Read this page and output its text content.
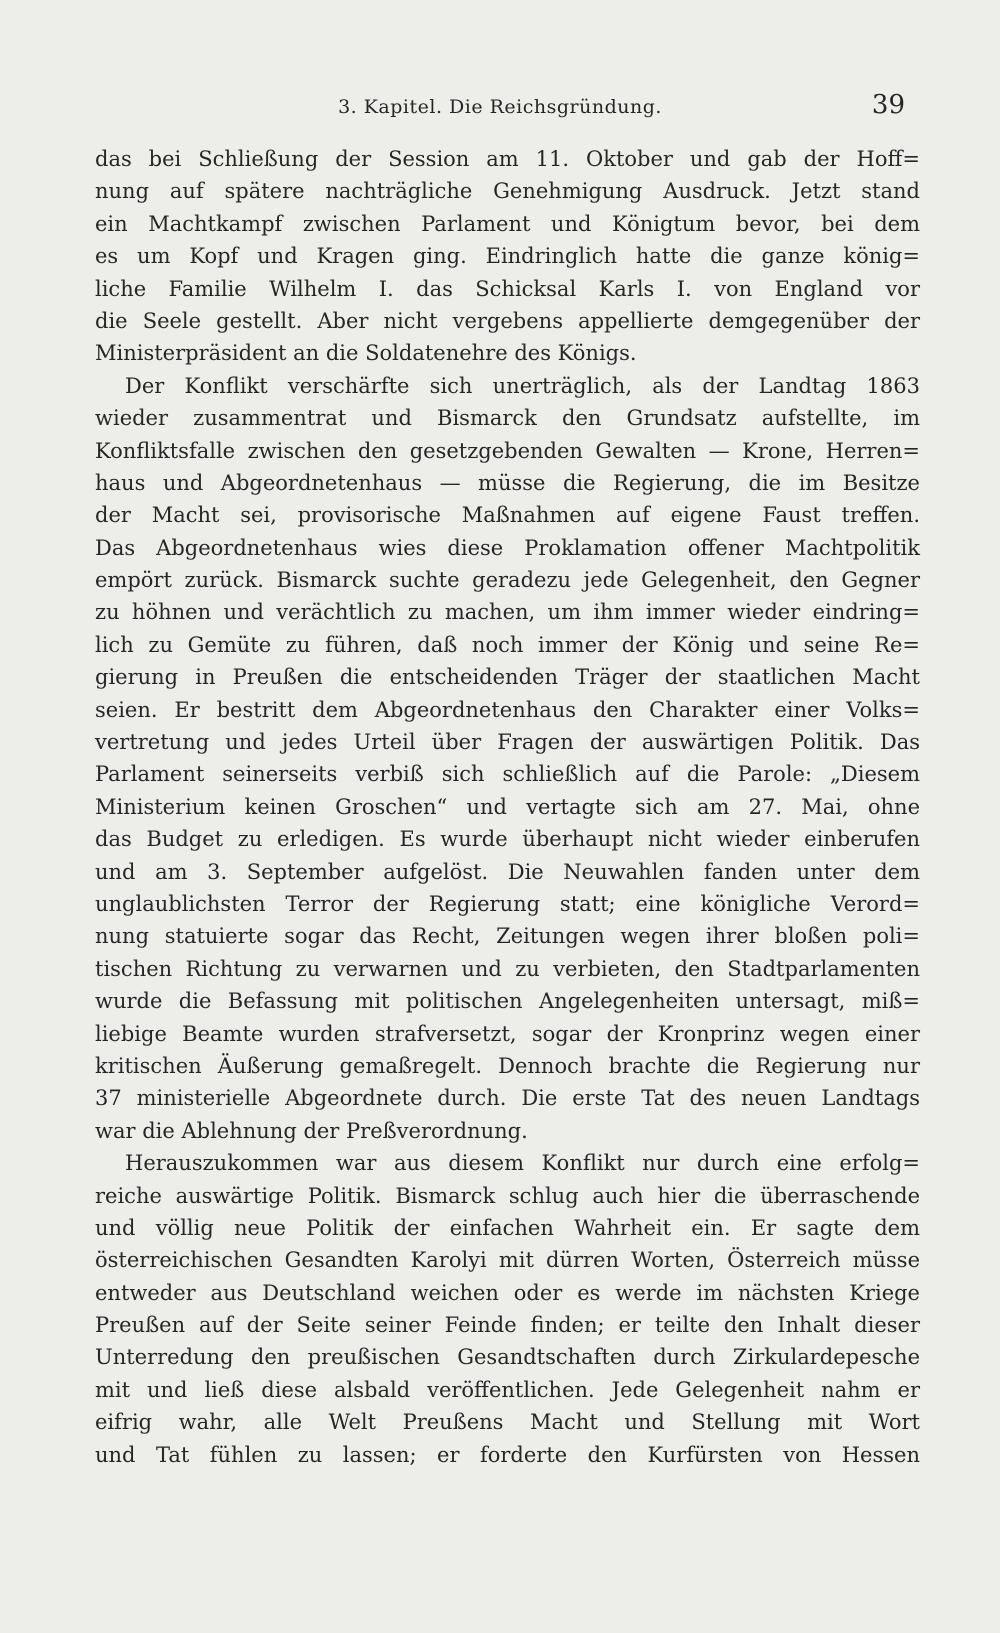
3. Kapitel. Die Reichsgründung.	39
das bei Schließung der Session am 11. Oktober und gab der Hoff=
nung auf spätere nachträgliche Genehmigung Ausdruck. Jetzt stand
ein Machtkampf zwischen Parlament und Königtum bevor, bei dem
es um Kopf und Kragen ging. Eindringlich hatte die ganze könig=
liche Familie Wilhelm I. das Schicksal Karls I. von England vor
die Seele gestellt. Aber nicht vergebens appellierte demgegenüber der
Ministerpräsident an die Soldatenehre des Königs.
Der Konflikt verschärfte sich unerträglich, als der Landtag 1863
wieder zusammentrat und Bismarck den Grundsatz aufstellte, im
Konfliktsfalle zwischen den gesetzgebenden Gewalten — Krone, Herren=
haus und Abgeordnetenhaus — müsse die Regierung, die im Besitze
der Macht sei, provisorische Maßnahmen auf eigene Faust treffen.
Das Abgeordnetenhaus wies diese Proklamation offener Machtpolitik
empört zurück. Bismarck suchte geradezu jede Gelegenheit, den Gegner
zu höhnen und verächtlich zu machen, um ihm immer wieder eindring=
lich zu Gemüte zu führen, daß noch immer der König und seine Re=
gierung in Preußen die entscheidenden Träger der staatlichen Macht
seien. Er bestritt dem Abgeordnetenhaus den Charakter einer Volks=
vertretung und jedes Urteil über Fragen der auswärtigen Politik. Das
Parlament seinerseits verbiß sich schließlich auf die Parole: „Diesem
Ministerium keinen Groschen“ und vertagte sich am 27. Mai, ohne
das Budget zu erledigen. Es wurde überhaupt nicht wieder einberufen
und am 3. September aufgelöst. Die Neuwahlen fanden unter dem
unglaublichsten Terror der Regierung statt; eine königliche Verord=
nung statuierte sogar das Recht, Zeitungen wegen ihrer bloßen poli=
tischen Richtung zu verwarnen und zu verbieten, den Stadtparlamenten
wurde die Befassung mit politischen Angelegenheiten untersagt, miß=
liebige Beamte wurden strafversetzt, sogar der Kronprinz wegen einer
kritischen Äußerung gemaßregelt. Dennoch brachte die Regierung nur
37 ministerielle Abgeordnete durch. Die erste Tat des neuen Landtags
war die Ablehnung der Preßverordnung.
Herauszukommen war aus diesem Konflikt nur durch eine erfolg=
reiche auswärtige Politik. Bismarck schlug auch hier die überraschende
und völlig neue Politik der einfachen Wahrheit ein. Er sagte dem
österreichischen Gesandten Karolyi mit dürren Worten, Österreich müsse
entweder aus Deutschland weichen oder es werde im nächsten Kriege
Preußen auf der Seite seiner Feinde finden; er teilte den Inhalt dieser
Unterredung den preußischen Gesandtschaften durch Zirkulardepesche
mit und ließ diese alsbald veröffentlichen. Jede Gelegenheit nahm er
eifrig wahr, alle Welt Preußens Macht und Stellung mit Wort
und Tat fühlen zu lassen; er forderte den Kurfürsten von Hessen
